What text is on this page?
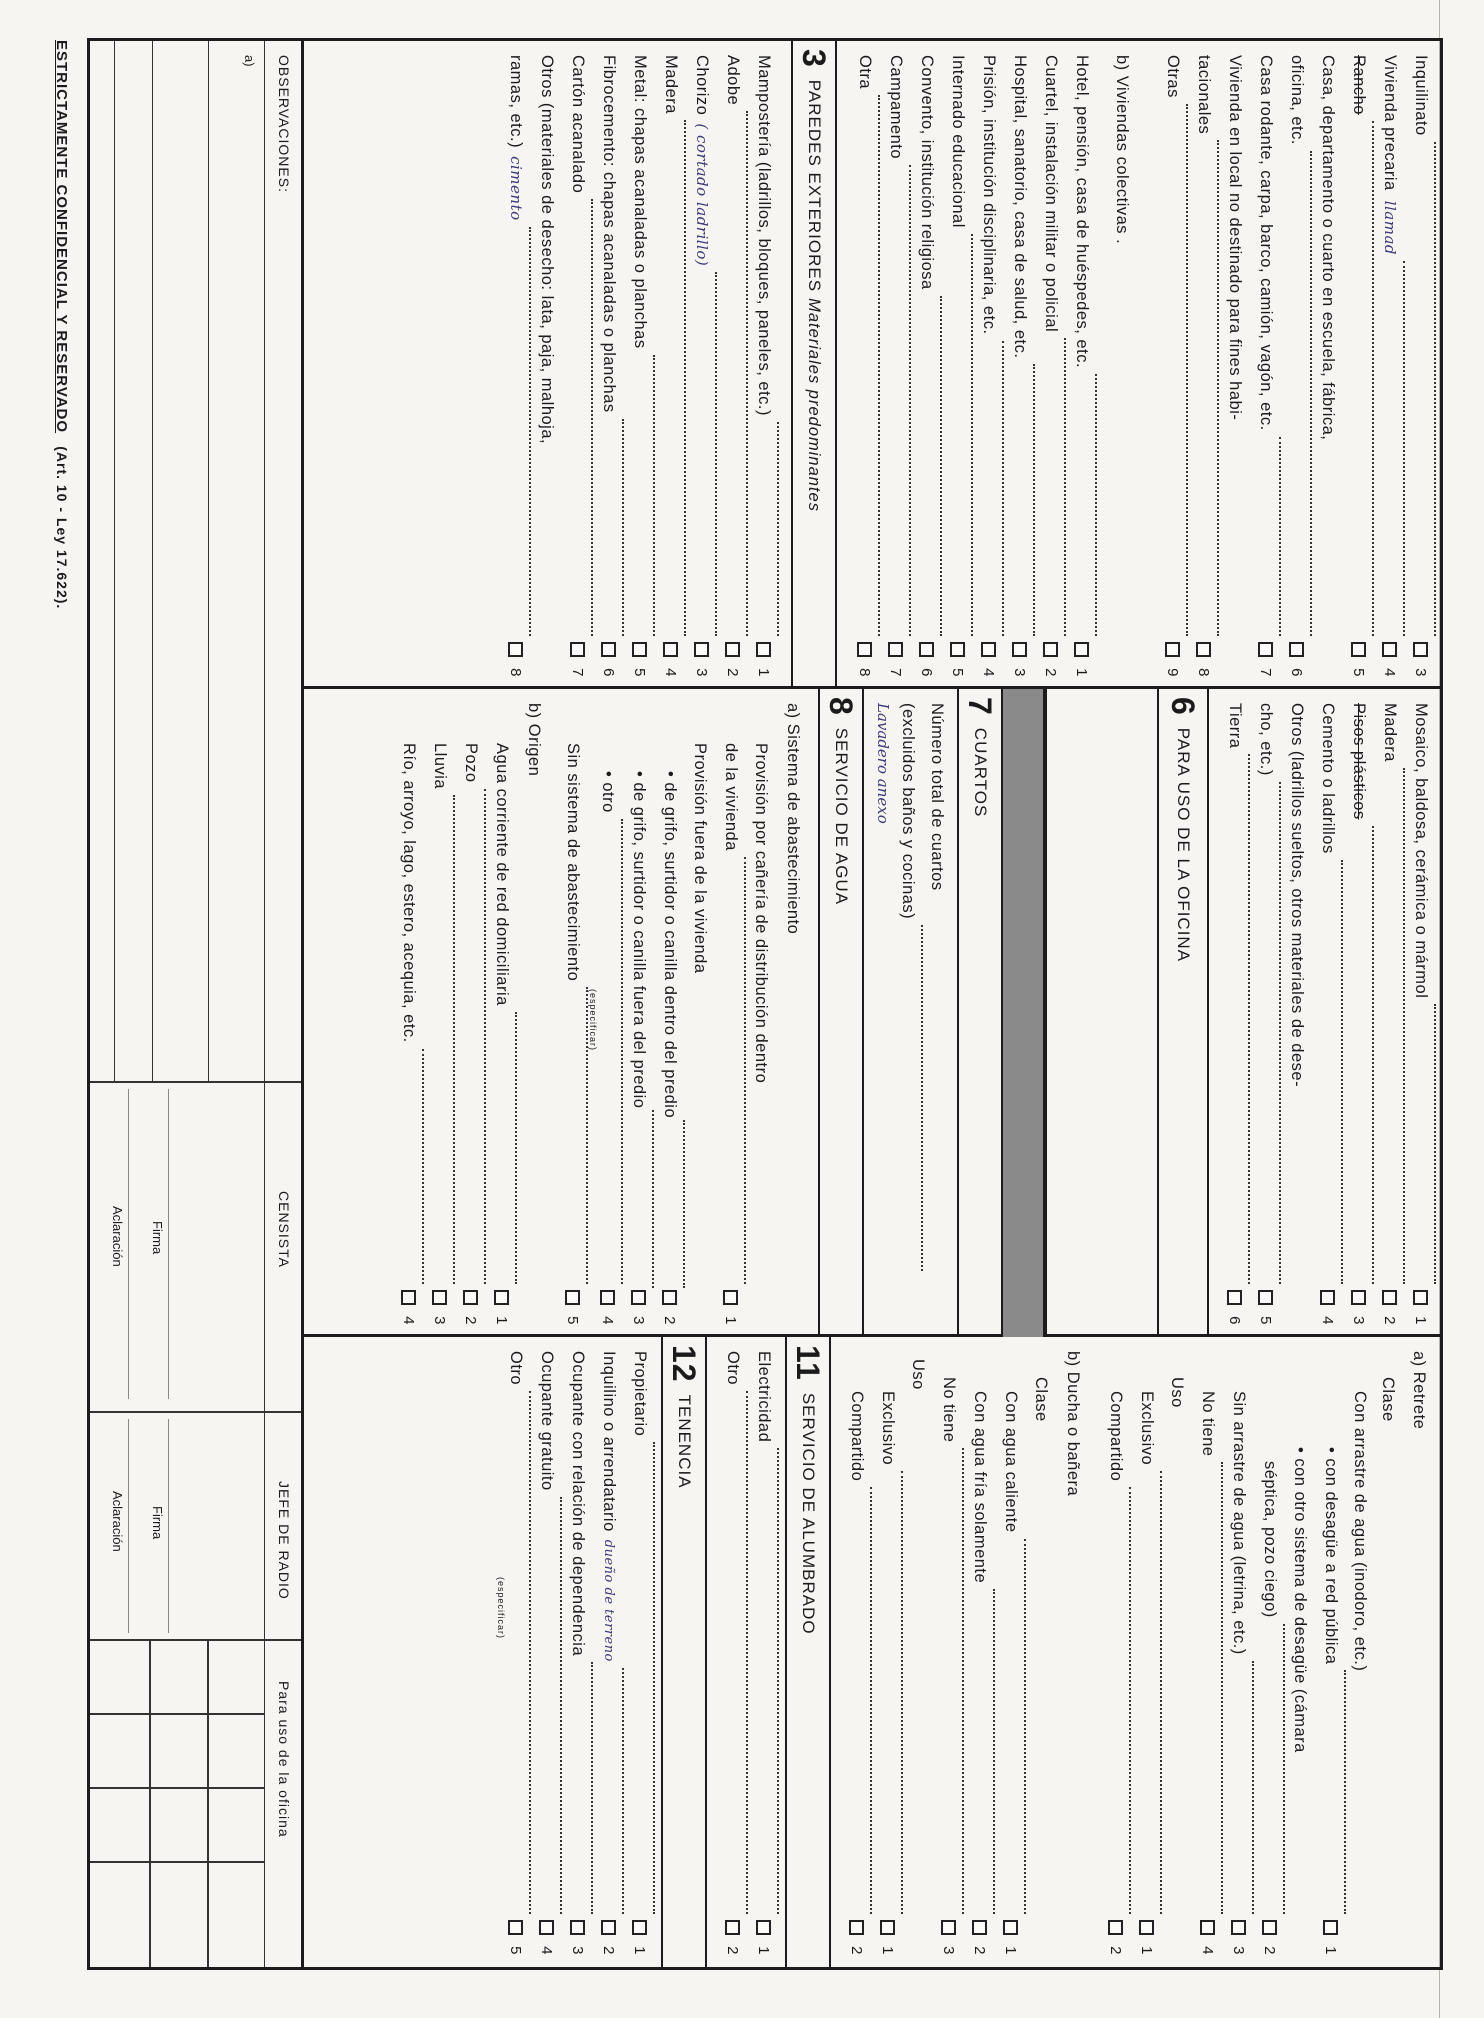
Inquilinato
3
Vivienda precaria
llamad
4
Rancho
5
Casa, departamento o cuarto en escuela, fábrica,
oficina, etc.
6
Casa rodante, carpa, barco, camión, vagón, etc.
7
Vivienda en local no destinado para fines habi-
tacionales
8
Otras
9
b) Viviendas colectivas .
Hotel, pensión, casa de huéspedes, etc.
1
Cuartel, instalación militar o policial
2
Hospital, sanatorio, casa de salud, etc.
3
Prisión, institución disciplinaria, etc.
4
Internado educacional
5
Convento, institución religiosa
6
Campamento
7
Otra
8
3
PAREDES EXTERIORES
Materiales predominantes
Mampostería (ladrillos, bloques, paneles, etc.)
1
Adobe
2
Chorizo
( cortado ladrillo)
3
Madera
4
Metal: chapas acanaladas o planchas
5
Fibrocemento: chapas acanaladas o planchas
6
Cartón acanalado
7
Otros (materiales de desecho: lata, paja, malhoja,
ramas, etc.)
cimento
8
Mosaico, baldosa, cerámica o mármol
1
Madera
2
Pisos plásticos
3
Cemento o ladrillos
4
Otros (ladrillos sueltos, otros materiales de dese-
cho, etc.)
5
Tierra
6
6
PARA USO DE LA OFICINA
7
CUARTOS
Número total de cuartos
(excluidos baños y cocinas)
Lavadero anexo
8
SERVICIO DE AGUA
a) Sistema de abastecimiento
Provisión por cañería de distribución dentro
de la vivienda
1
Provisión fuera de la vivienda
• de grifo, surtidor o canilla dentro del predio
2
• de grifo, surtidor o canilla fuera del predio
3
• otro
4
(especificar)
Sin sistema de abastecimiento
5
b) Origen
Agua corriente de red domiciliaria
1
Pozo
2
Lluvia
3
Río, arroyo, lago, estero, acequia, etc.
4
a) Retrete
Clase
Con arrastre de agua (inodoro, etc.)
• con desagüe a red pública
1
• con otro sistema de desagüe (cámara
séptica, pozo ciego)
2
Sin arrastre de agua (letrina, etc.)
3
No tiene
4
Uso
Exclusivo
1
Compartido
2
b) Ducha o bañera
Clase
Con agua caliente
1
Con agua fría solamente
2
No tiene
3
Uso
Exclusivo
1
Compartido
2
11
SERVICIO DE ALUMBRADO
Electricidad
1
Otro
2
12
TENENCIA
Propietario
1
Inquilino o arrendatario
dueño de terreno
2
Ocupante con relación de dependencia
3
Ocupante gratuito
4
Otro
5
(especificar)
OBSERVACIONES:
CENSISTA
JEFE DE RADIO
Para uso de la oficina
a)
Firma
Aclaración
Firma
Aclaración
ESTRICTAMENTE CONFIDENCIAL Y RESERVADO (Art. 10 - Ley 17.622).
